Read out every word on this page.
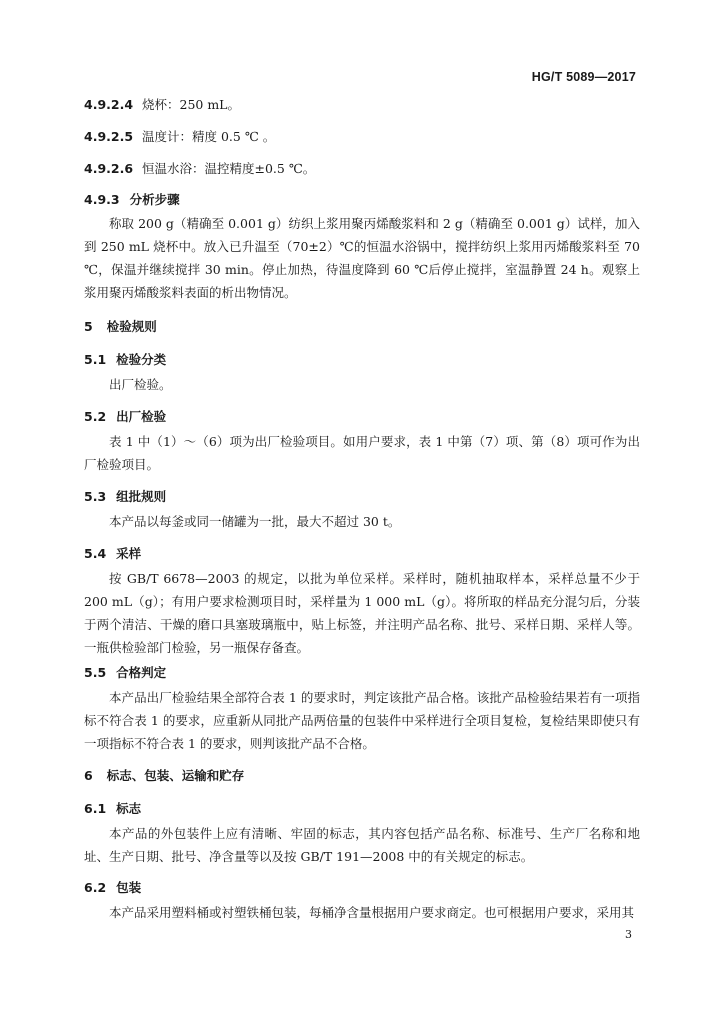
HG/T 5089—2017
4.9.2.4 烧杯：250 mL。
4.9.2.5 温度计：精度 0.5 ℃ 。
4.9.2.6 恒温水浴：温控精度±0.5 ℃。
4.9.3 分析步骤
称取 200 g（精确至 0.001 g）纺织上浆用聚丙烯酸浆料和 2 g（精确至 0.001 g）试样，加入到 250 mL 烧杯中。放入已升温至（70±2）℃的恒温水浴锅中，搅拌纺织上浆用丙烯酸浆料至 70 ℃，保温并继续搅拌 30 min。停止加热，待温度降到 60 ℃后停止搅拌，室温静置 24 h。观察上浆用聚丙烯酸浆料表面的析出物情况。
5 检验规则
5.1 检验分类
出厂检验。
5.2 出厂检验
表 1 中（1）～（6）项为出厂检验项目。如用户要求，表 1 中第（7）项、第（8）项可作为出厂检验项目。
5.3 组批规则
本产品以每釜或同一储罐为一批，最大不超过 30 t。
5.4 采样
按 GB/T 6678—2003 的规定，以批为单位采样。采样时，随机抽取样本，采样总量不少于 200 mL（g）；有用户要求检测项目时，采样量为 1 000 mL（g）。将所取的样品充分混匀后，分装于两个清洁、干燥的磨口具塞玻璃瓶中，贴上标签，并注明产品名称、批号、采样日期、采样人等。一瓶供检验部门检验，另一瓶保存备查。
5.5 合格判定
本产品出厂检验结果全部符合表 1 的要求时，判定该批产品合格。该批产品检验结果若有一项指标不符合表 1 的要求，应重新从同批产品两倍量的包装件中采样进行全项目复检，复检结果即使只有一项指标不符合表 1 的要求，则判该批产品不合格。
6 标志、包装、运输和贮存
6.1 标志
本产品的外包装件上应有清晰、牢固的标志，其内容包括产品名称、标准号、生产厂名称和地址、生产日期、批号、净含量等以及按 GB/T 191—2008 中的有关规定的标志。
6.2 包装
本产品采用塑料桶或衬塑铁桶包装，每桶净含量根据用户要求商定。也可根据用户要求，采用其
3
